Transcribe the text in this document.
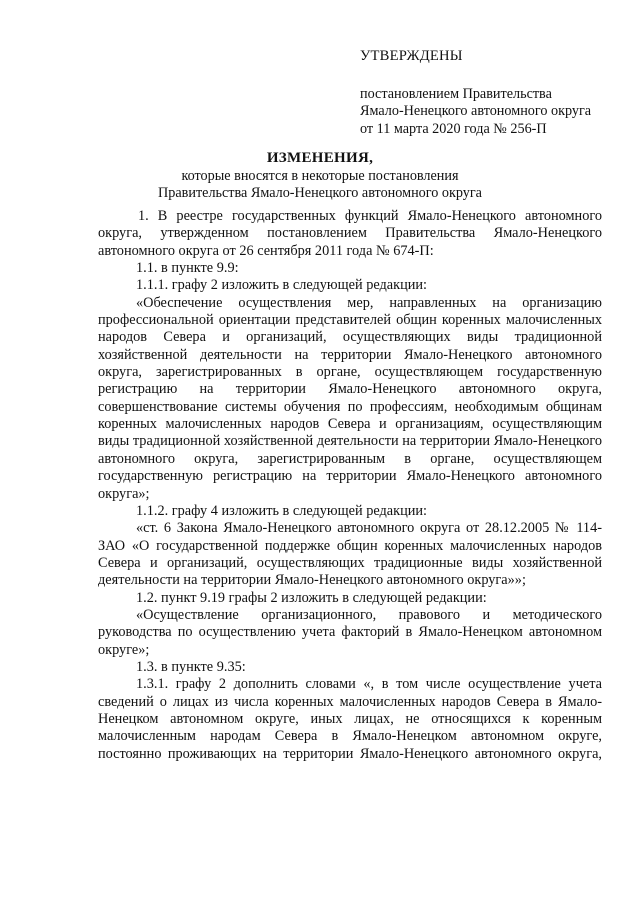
УТВЕРЖДЕНЫ
постановлением Правительства
Ямало-Ненецкого автономного округа
от 11 марта 2020 года № 256-П
ИЗМЕНЕНИЯ,
которые вносятся в некоторые постановления
Правительства Ямало-Ненецкого автономного округа

1. В реестре государственных функций Ямало-Ненецкого автономного округа, утвержденном постановлением Правительства Ямало-Ненецкого автономного округа от 26 сентября 2011 года № 674-П:

1.1. в пункте 9.9:

1.1.1. графу 2 изложить в следующей редакции:

«Обеспечение осуществления мер, направленных на организацию профессиональной ориентации представителей общин коренных малочисленных народов Севера и организаций, осуществляющих виды традиционной хозяйственной деятельности на территории Ямало-Ненецкого автономного округа, зарегистрированных в органе, осуществляющем государственную регистрацию на территории Ямало-Ненецкого автономного округа, совершенствование системы обучения по профессиям, необходимым общинам коренных малочисленных народов Севера и организациям, осуществляющим виды традиционной хозяйственной деятельности на территории Ямало-Ненецкого автономного округа, зарегистрированным в органе, осуществляющем государственную регистрацию на территории Ямало-Ненецкого автономного округа»;

1.1.2. графу 4 изложить в следующей редакции:

«ст. 6 Закона Ямало-Ненецкого автономного округа от 28.12.2005 № 114-ЗАО «О государственной поддержке общин коренных малочисленных народов Севера и организаций, осуществляющих традиционные виды хозяйственной деятельности на территории Ямало-Ненецкого автономного округа»»;

1.2. пункт 9.19 графы 2 изложить в следующей редакции:

«Осуществление организационного, правового и методического руководства по осуществлению учета факторий в Ямало-Ненецком автономном округе»;

1.3. в пункте 9.35:

1.3.1. графу 2 дополнить словами «, в том числе осуществление учета сведений о лицах из числа коренных малочисленных народов Севера в Ямало-Ненецком автономном округе, иных лицах, не относящихся к коренным малочисленным народам Севера в Ямало-Ненецком автономном округе, постоянно проживающих на территории Ямало-Ненецкого автономного округа,
